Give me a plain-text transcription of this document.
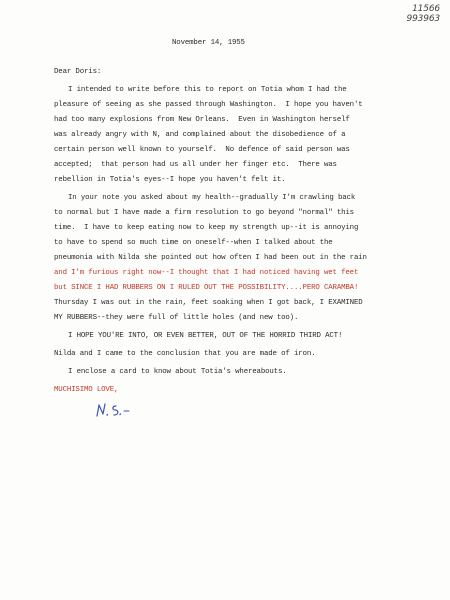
11566
993963
November 14, 1955
Dear Doris:
I intended to write before this to report on Totia whom I had the
pleasure of seeing as she passed through Washington.  I hope you haven't
had too many explosions from New Orleans.  Even in Washington herself
was already angry with N, and complained about the disobedience of a
certain person well known to yourself.  No defence of said person was
accepted;  that person had us all under her finger etc.  There was
rebellion in Totia's eyes--I hope you haven't felt it.
In your note you asked about my health--gradually I'm crawling back
to normal but I have made a firm resolution to go beyond "normal" this
time.  I have to keep eating now to keep my strength up--it is annoying
to have to spend so much time on oneself--when I talked about the
pneumonia with Nilda she pointed out how often I had been out in the rain
and I'm furious right now--I thought that I had noticed having wet feet
but SINCE I HAD RUBBERS ON I RULED OUT THE POSSIBILITY....PERO CARAMBA!
Thursday I was out in the rain, feet soaking when I got back, I EXAMINED
MY RUBBERS--they were full of little holes (and new too).
I HOPE YOU'RE INTO, OR EVEN BETTER, OUT OF THE HORRID THIRD ACT!
Nilda and I came to the conclusion that you are made of iron.
I enclose a card to know about Totia's whereabouts.
MUCHISIMO LOVE,
